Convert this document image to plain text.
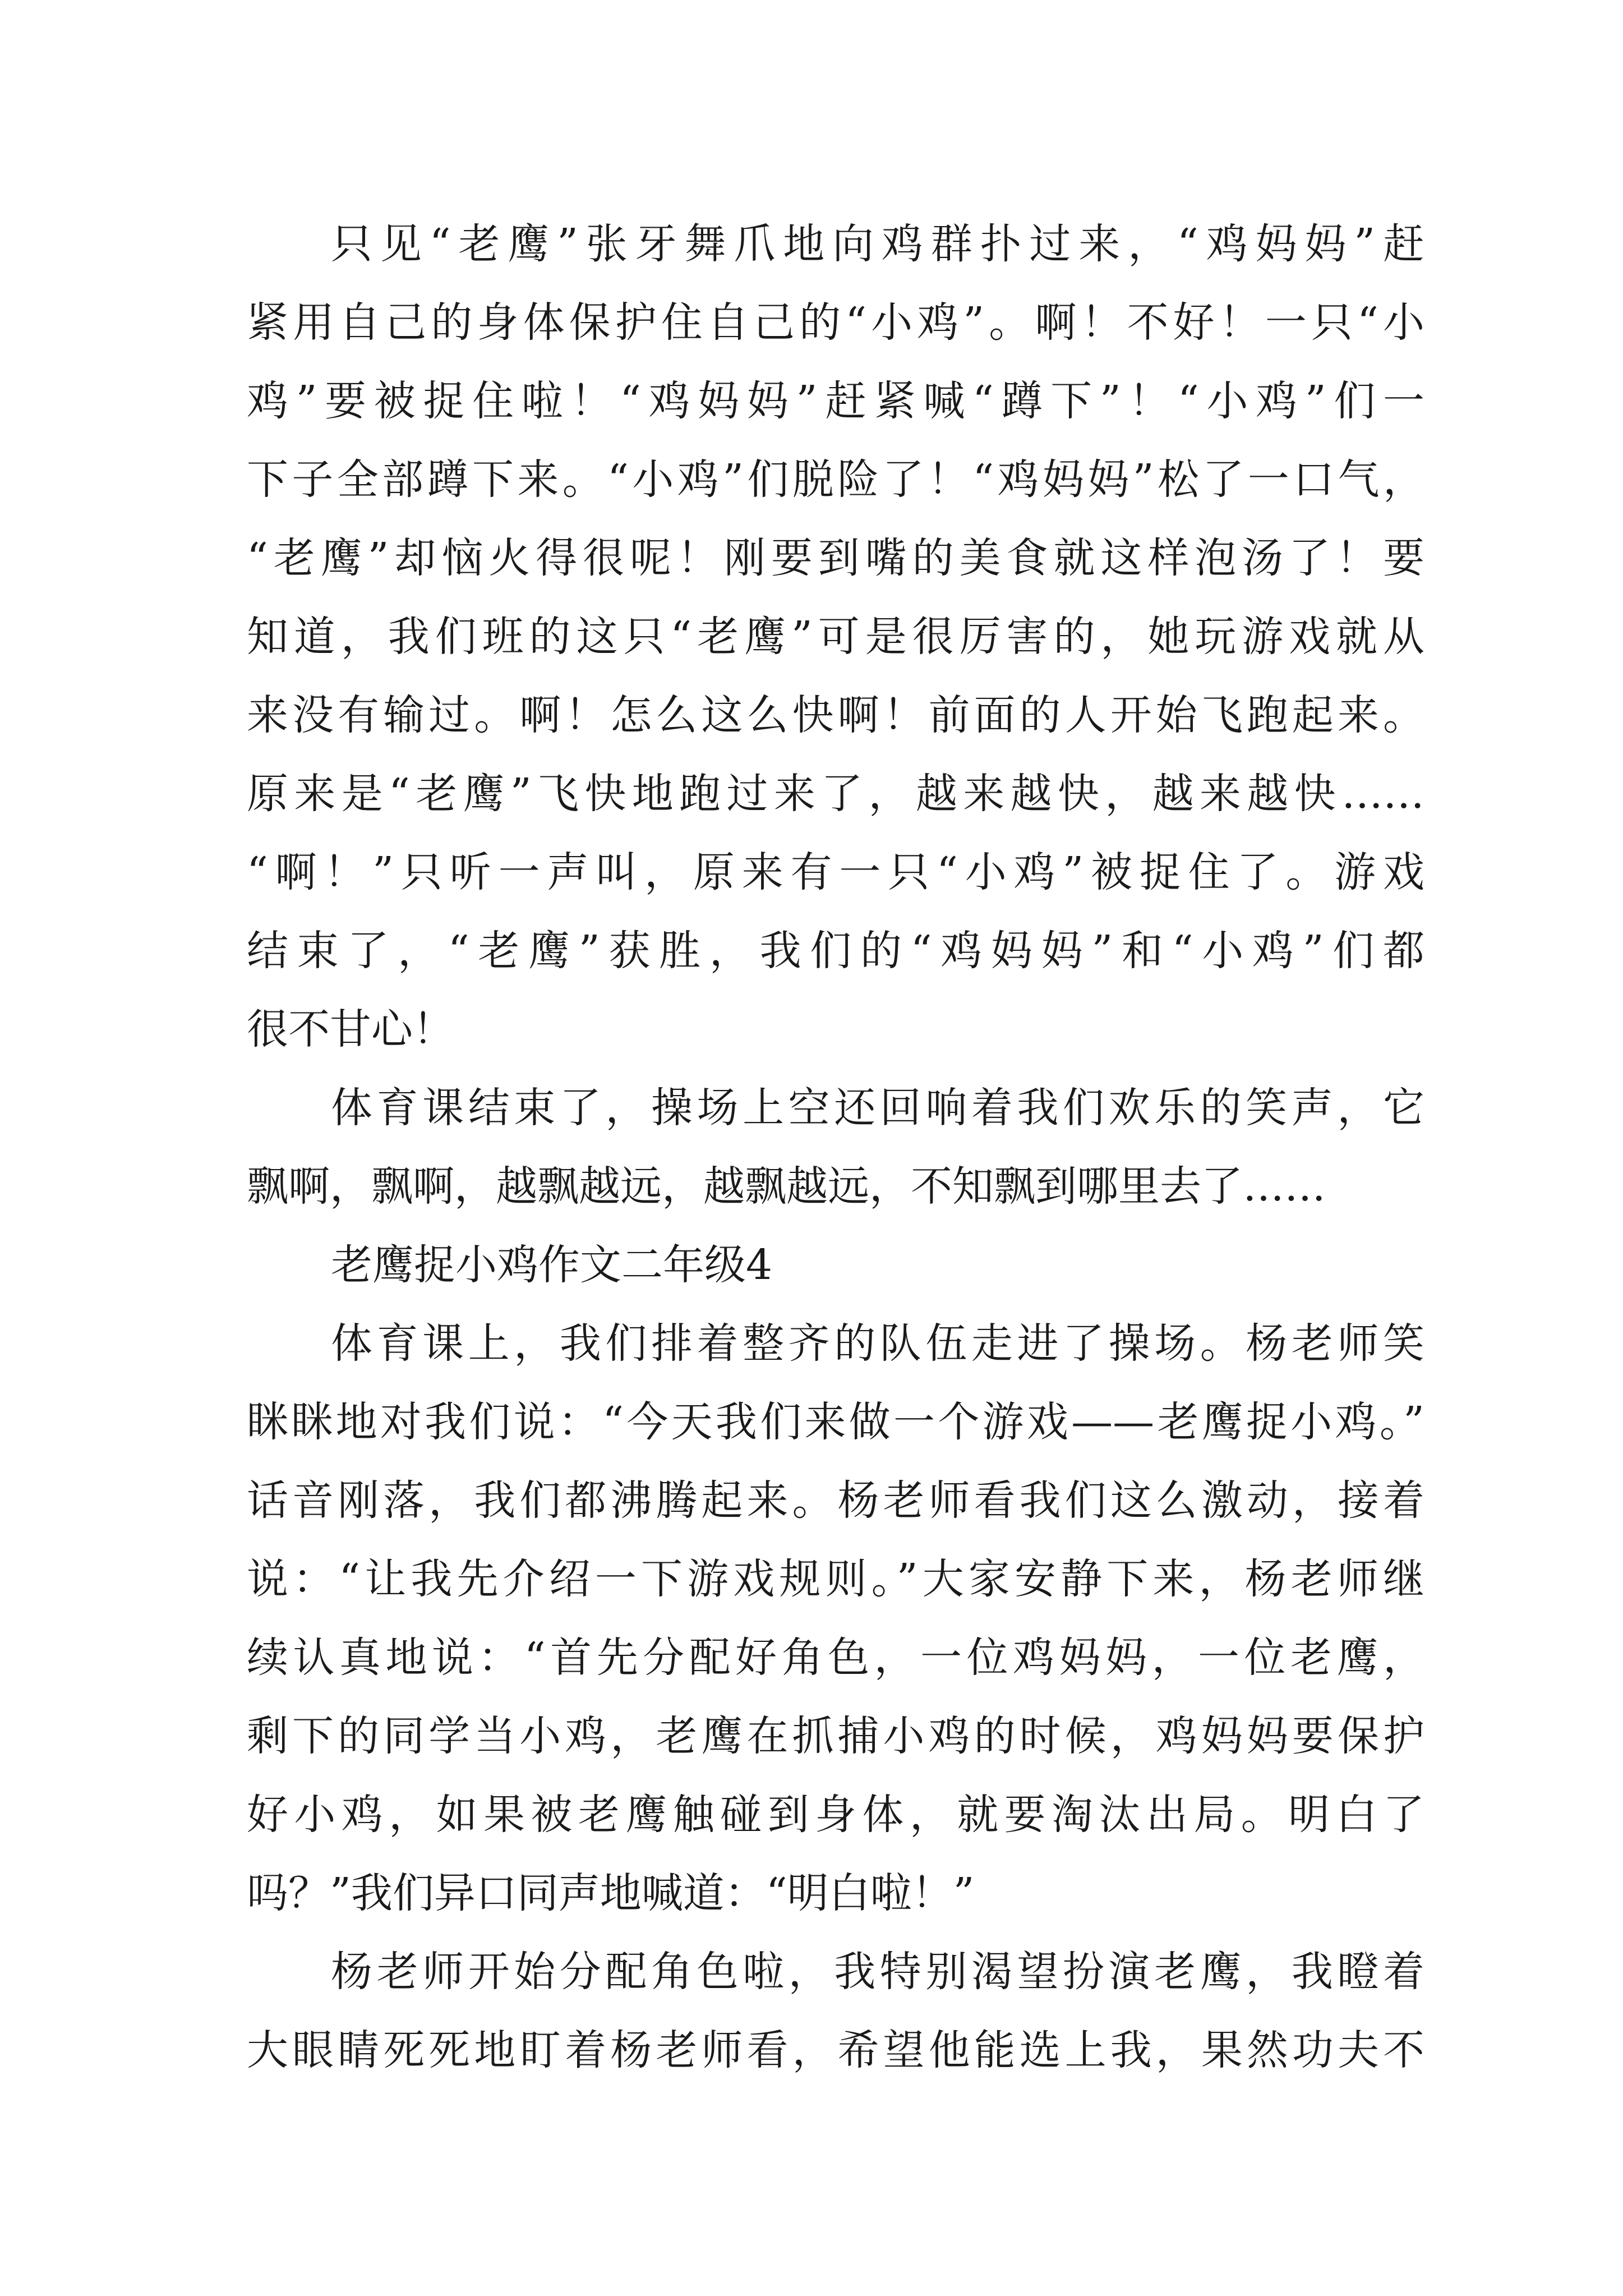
只见“老鹰”张牙舞爪地向鸡群扑过来，“鸡妈妈”赶
紧用自己的身体保护住自己的“小鸡”。啊！不好！一只“小
鸡”要被捉住啦！“鸡妈妈”赶紧喊“蹲下”！“小鸡”们一
下子全部蹲下来。“小鸡”们脱险了！“鸡妈妈”松了一口气，
“老鹰”却恼火得很呢！刚要到嘴的美食就这样泡汤了！要
知道，我们班的这只“老鹰”可是很厉害的，她玩游戏就从
来没有输过。啊！怎么这么快啊！前面的人开始飞跑起来。
原来是“老鹰”飞快地跑过来了，越来越快，越来越快……
“啊！”只听一声叫，原来有一只“小鸡”被捉住了。游戏
结束了，“老鹰”获胜，我们的“鸡妈妈”和“小鸡”们都
很不甘心！
体育课结束了，操场上空还回响着我们欢乐的笑声，它
飘啊，飘啊，越飘越远，越飘越远，不知飘到哪里去了……
老鹰捉小鸡作文二年级4
体育课上，我们排着整齐的队伍走进了操场。杨老师笑
眯眯地对我们说：“今天我们来做一个游戏——老鹰捉小鸡。”
话音刚落，我们都沸腾起来。杨老师看我们这么激动，接着
说：“让我先介绍一下游戏规则。”大家安静下来，杨老师继
续认真地说：“首先分配好角色，一位鸡妈妈，一位老鹰，
剩下的同学当小鸡，老鹰在抓捕小鸡的时候，鸡妈妈要保护
好小鸡，如果被老鹰触碰到身体，就要淘汰出局。明白了
吗？”我们异口同声地喊道：“明白啦！”
杨老师开始分配角色啦，我特别渴望扮演老鹰，我瞪着
大眼睛死死地盯着杨老师看，希望他能选上我，果然功夫不
